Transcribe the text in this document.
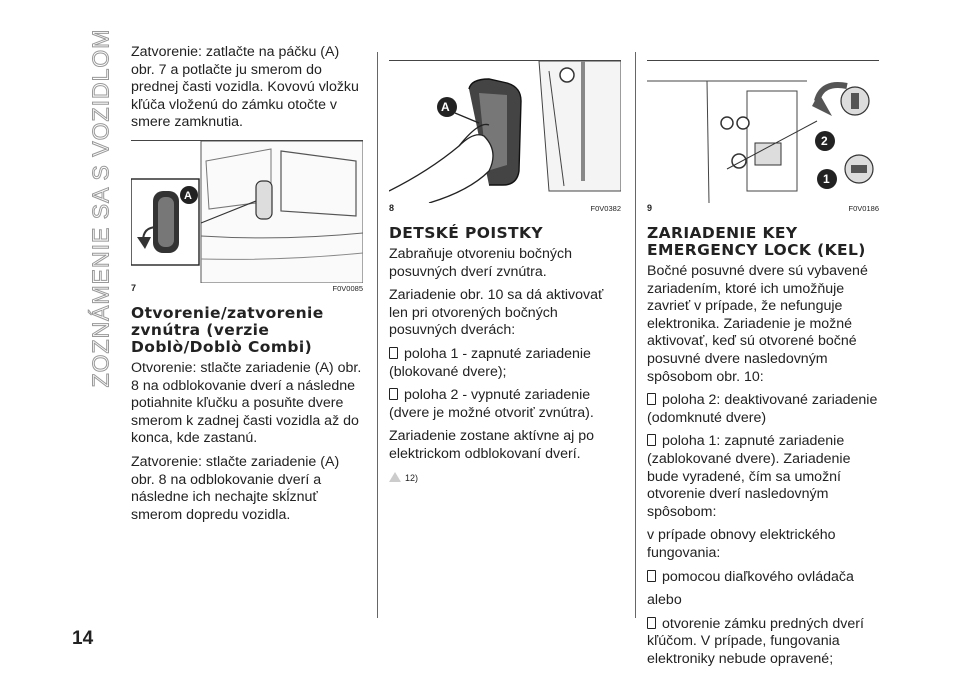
ZOZNÁMENIE SA S VOZIDLOM
14

Zatvorenie: zatlačte na páčku (A) obr. 7 a potlačte ju smerom do prednej časti vozidla. Kovovú vložku kľúča vloženú do zámku otočte v smere zamknutia.

A
7	F0V0085
Otvorenie/zatvorenie zvnútra (verzie Doblò/Doblò Combi)

Otvorenie: stlačte zariadenie (A) obr. 8 na odblokovanie dverí a následne potiahnite kľučku a posuňte dvere smerom k zadnej časti vozidla až do konca, kde zastanú.

Zatvorenie: stlačte zariadenie (A) obr. 8 na odblokovanie dverí a následne ich nechajte skĺznuť smerom dopredu vozidla.

A
8	F0V0382
DETSKÉ POISTKY

Zabraňuje otvoreniu bočných posuvných dverí zvnútra.

Zariadenie obr. 10 sa dá aktivovať len pri otvorených bočných posuvných dverách:

poloha 1 - zapnuté zariadenie (blokované dvere);
poloha 2 - vypnuté zariadenie (dvere je možné otvoriť zvnútra).

Zariadenie zostane aktívne aj po elektrickom odblokovaní dverí.

12)
2
1
9	F0V0186
ZARIADENIE KEY EMERGENCY LOCK (KEL)

Bočné posuvné dvere sú vybavené zariadením, ktoré ich umožňuje zavrieť v prípade, že nefunguje elektronika. Zariadenie je možné aktivovať, keď sú otvorené bočné posuvné dvere nasledovným spôsobom obr. 10:

poloha 2: deaktivované zariadenie (odomknuté dvere)
poloha 1: zapnuté zariadenie (zablokované dvere). Zariadenie bude vyradené, čím sa umožní otvorenie dverí nasledovným spôsobom:

v prípade obnovy elektrického fungovania:

pomocou diaľkového ovládača

alebo

otvorenie zámku predných dverí kľúčom. V prípade, fungovania elektroniky nebude opravené;
